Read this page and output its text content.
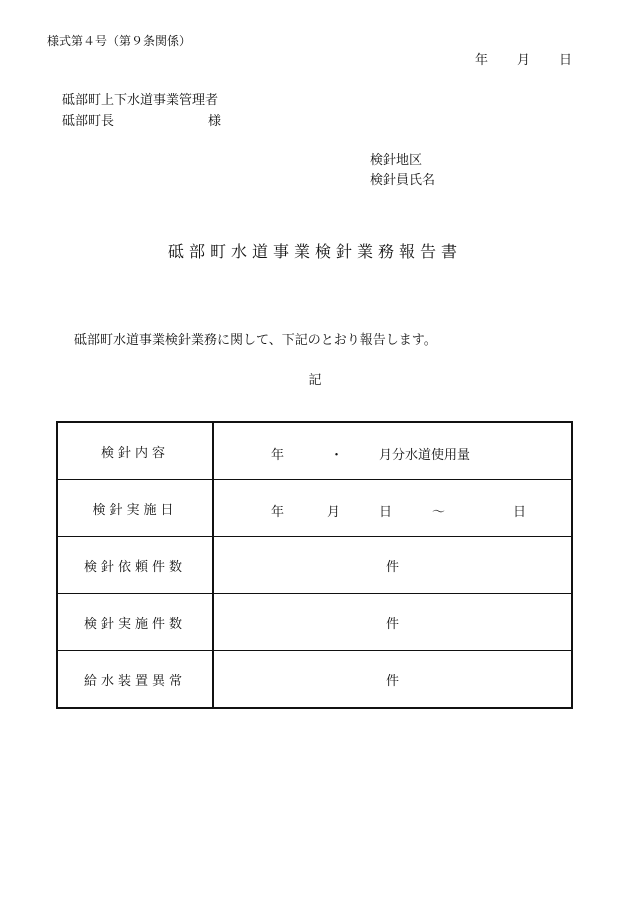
様式第４号（第９条関係）
年 月 日
砥部町上下水道事業管理者
砥部町長	様
検針地区
検針員氏名
砥部町水道事業検針業務報告書
砥部町水道事業検針業務に関して、下記のとおり報告します。
記
検針内容	年 ・ 月分水道使用量

検針実施日	年 月 日 ～ 日

検針依頼件数	件
検針実施件数	件
給水装置異常	件
